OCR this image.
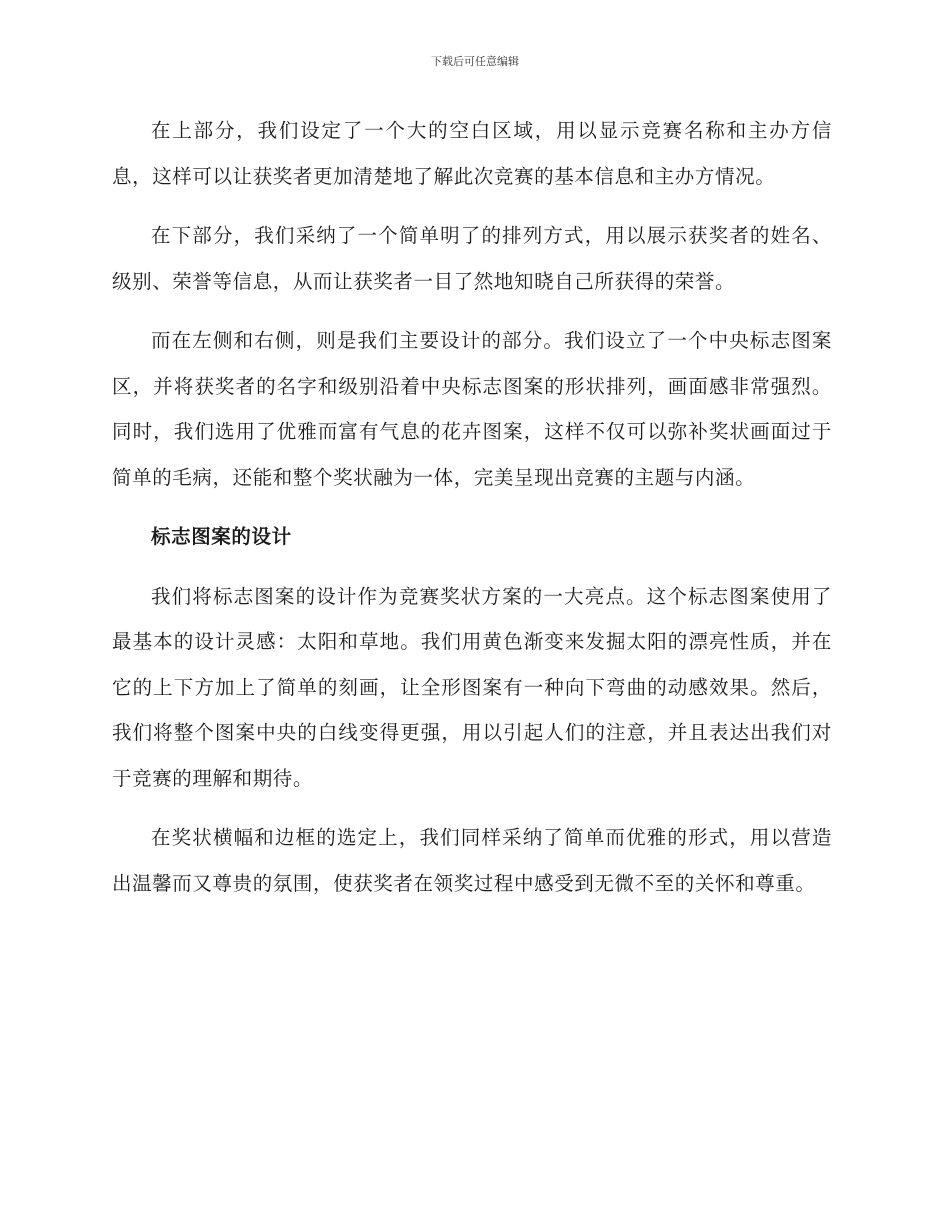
下载后可任意编辑

在上部分，我们设定了一个大的空白区域，用以显示竞赛名称和主办方信息，这样可以让获奖者更加清楚地了解此次竞赛的基本信息和主办方情况。

在下部分，我们采纳了一个简单明了的排列方式，用以展示获奖者的姓名、级别、荣誉等信息，从而让获奖者一目了然地知晓自己所获得的荣誉。

而在左侧和右侧，则是我们主要设计的部分。我们设立了一个中央标志图案区，并将获奖者的名字和级别沿着中央标志图案的形状排列，画面感非常强烈。同时，我们选用了优雅而富有气息的花卉图案，这样不仅可以弥补奖状画面过于简单的毛病，还能和整个奖状融为一体，完美呈现出竞赛的主题与内涵。

标志图案的设计

我们将标志图案的设计作为竞赛奖状方案的一大亮点。这个标志图案使用了最基本的设计灵感：太阳和草地。我们用黄色渐变来发掘太阳的漂亮性质，并在它的上下方加上了简单的刻画，让全形图案有一种向下弯曲的动感效果。然后，我们将整个图案中央的白线变得更强，用以引起人们的注意，并且表达出我们对于竞赛的理解和期待。

在奖状横幅和边框的选定上，我们同样采纳了简单而优雅的形式，用以营造出温馨而又尊贵的氛围，使获奖者在领奖过程中感受到无微不至的关怀和尊重。
